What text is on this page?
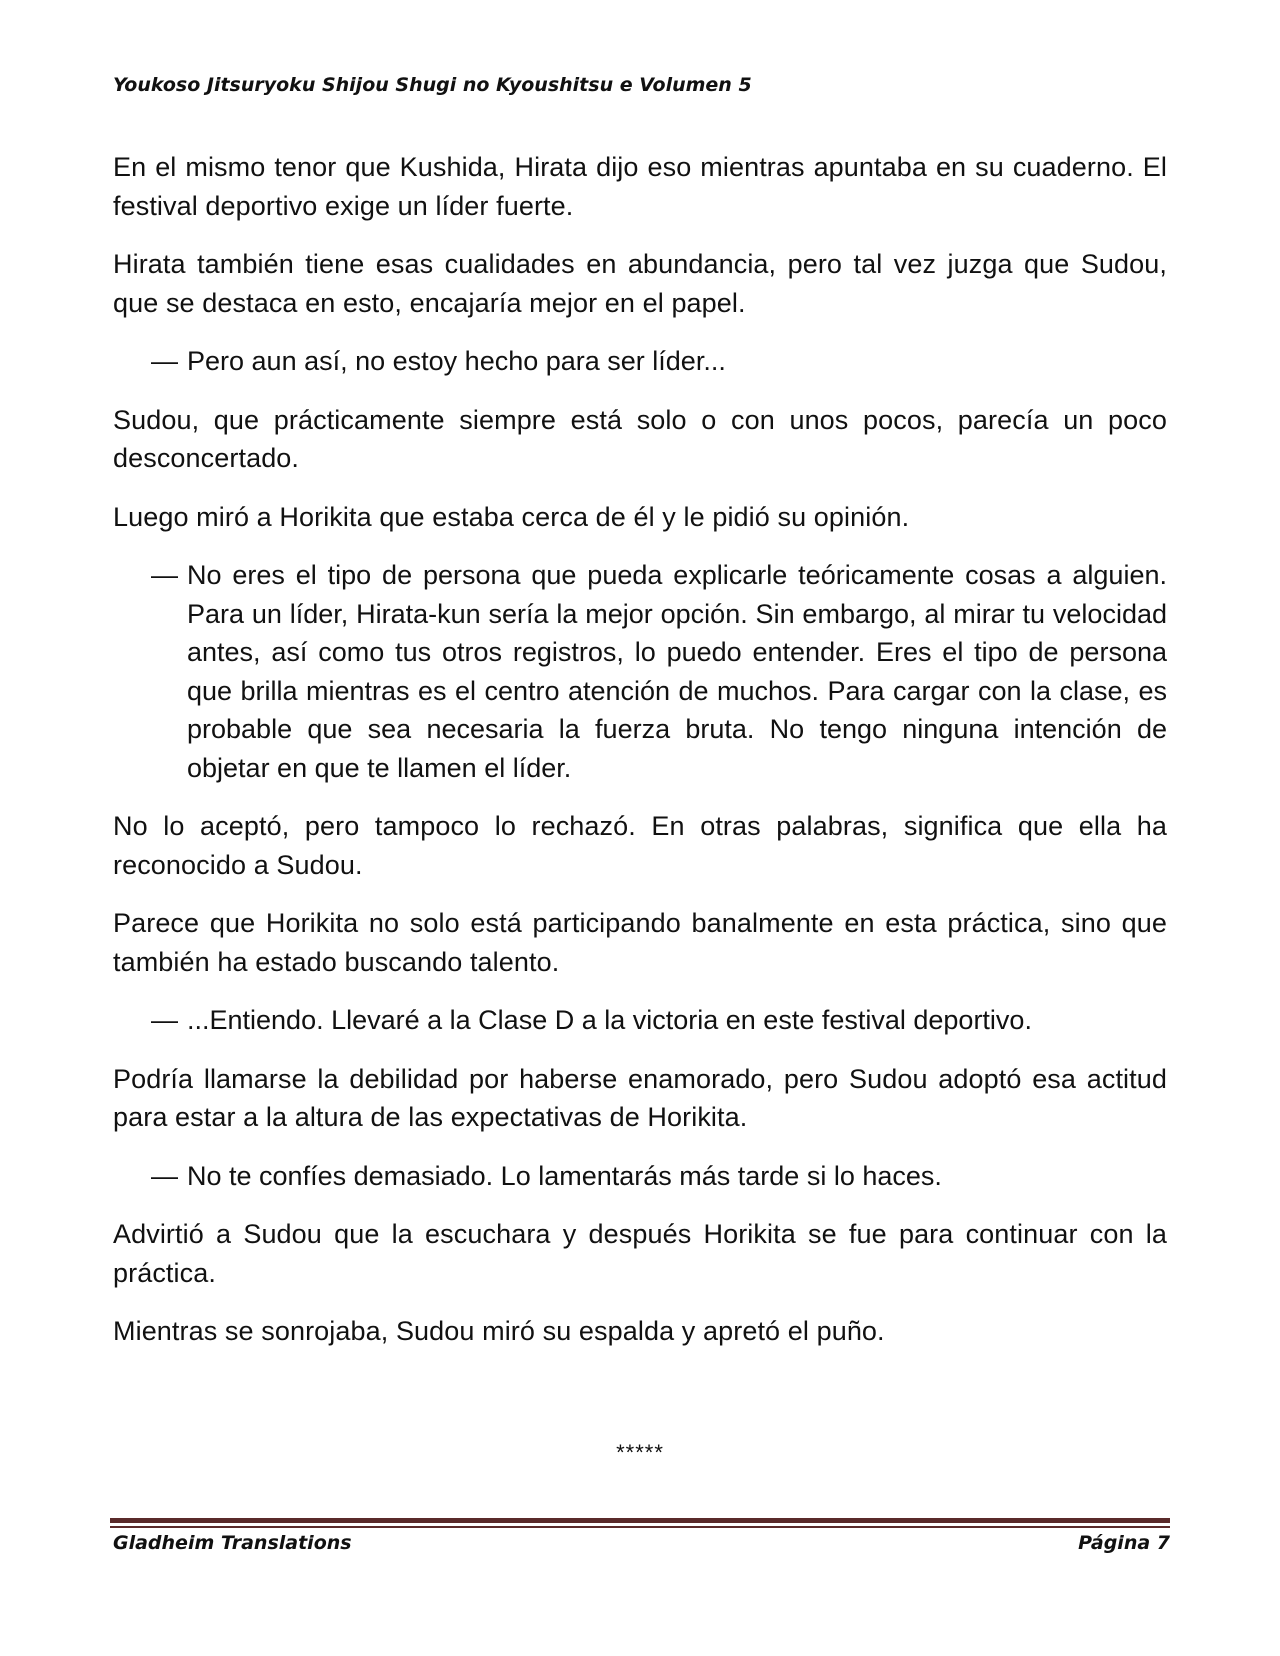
Youkoso Jitsuryoku Shijou Shugi no Kyoushitsu e Volumen 5

En el mismo tenor que Kushida, Hirata dijo eso mientras apuntaba en su cuaderno. El festival deportivo exige un líder fuerte.

Hirata también tiene esas cualidades en abundancia, pero tal vez juzga que Sudou, que se destaca en esto, encajaría mejor en el papel.

— Pero aun así, no estoy hecho para ser líder...

Sudou, que prácticamente siempre está solo o con unos pocos, parecía un poco desconcertado.

Luego miró a Horikita que estaba cerca de él y le pidió su opinión.

— No eres el tipo de persona que pueda explicarle teóricamente cosas a alguien. Para un líder, Hirata-kun sería la mejor opción. Sin embargo, al mirar tu velocidad antes, así como tus otros registros, lo puedo entender. Eres el tipo de persona que brilla mientras es el centro atención de muchos. Para cargar con la clase, es probable que sea necesaria la fuerza bruta. No tengo ninguna intención de objetar en que te llamen el líder.

No lo aceptó, pero tampoco lo rechazó. En otras palabras, significa que ella ha reconocido a Sudou.

Parece que Horikita no solo está participando banalmente en esta práctica, sino que también ha estado buscando talento.

— ...Entiendo. Llevaré a la Clase D a la victoria en este festival deportivo.

Podría llamarse la debilidad por haberse enamorado, pero Sudou adoptó esa actitud para estar a la altura de las expectativas de Horikita.

— No te confíes demasiado. Lo lamentarás más tarde si lo haces.

Advirtió a Sudou que la escuchara y después Horikita se fue para continuar con la práctica.

Mientras se sonrojaba, Sudou miró su espalda y apretó el puño.

*****
Gladheim Translations	Página 7
